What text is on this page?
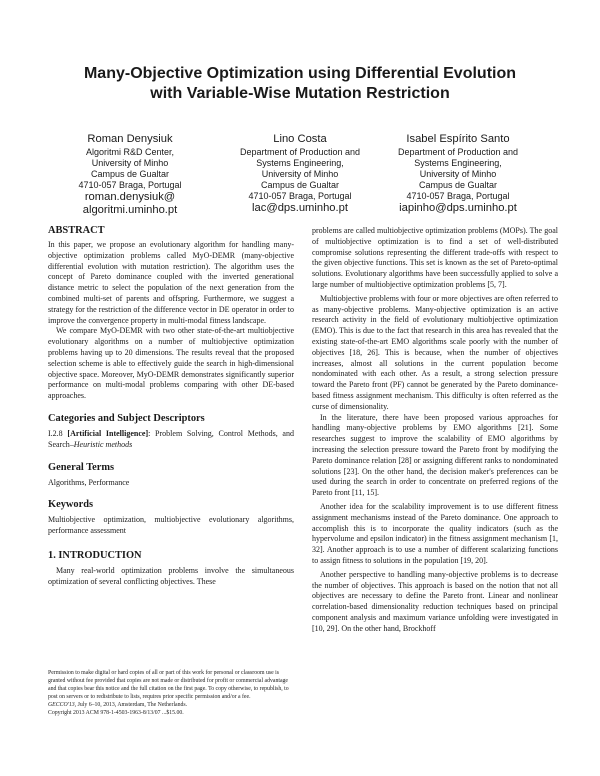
Many-Objective Optimization using Differential Evolution
with Variable-Wise Mutation Restriction
Roman Denysiuk
Algoritmi R&D Center,
University of Minho
Campus de Gualtar
4710-057 Braga, Portugal
roman.denysiuk@
algoritmi.uminho.pt
Lino Costa
Department of Production and
Systems Engineering,
University of Minho
Campus de Gualtar
4710-057 Braga, Portugal
lac@dps.uminho.pt
Isabel Espírito Santo
Department of Production and
Systems Engineering,
University of Minho
Campus de Gualtar
4710-057 Braga, Portugal
iapinho@dps.uminho.pt
ABSTRACT

In this paper, we propose an evolutionary algorithm for handling many-objective optimization problems called MyO-DEMR (many-objective differential evolution with mutation restriction). The algorithm uses the concept of Pareto dominance coupled with the inverted generational distance metric to select the population of the next generation from the combined multi-set of parents and offspring. Furthermore, we suggest a strategy for the restriction of the difference vector in DE operator in order to improve the convergence property in multi-modal fitness landscape.

We compare MyO-DEMR with two other state-of-the-art multiobjective evolutionary algorithms on a number of multiobjective optimization problems having up to 20 dimensions. The results reveal that the proposed selection scheme is able to effectively guide the search in high-dimensional objective space. Moreover, MyO-DEMR demonstrates significantly superior performance on multi-modal problems comparing with other DE-based approaches.

Categories and Subject Descriptors

I.2.8 [Artificial Intelligence]: Problem Solving, Control Methods, and Search–Heuristic methods

General Terms

Algorithms, Performance

Keywords

Multiobjective optimization, multiobjective evolutionary algorithms, performance assessment

1. INTRODUCTION

Many real-world optimization problems involve the simultaneous optimization of several conflicting objectives. These

Permission to make digital or hard copies of all or part of this work for personal or classroom use is granted without fee provided that copies are not made or distributed for profit or commercial advantage and that copies bear this notice and the full citation on the first page. To copy otherwise, to republish, to post on servers or to redistribute to lists, requires prior specific permission and/or a fee.

GECCO'13, July 6–10, 2013, Amsterdam, The Netherlands.

Copyright 2013 ACM 978-1-4503-1963-8/13/07 ...$15.00.

problems are called multiobjective optimization problems (MOPs). The goal of multiobjective optimization is to find a set of well-distributed compromise solutions representing the different trade-offs with respect to the given objective functions. This set is known as the set of Pareto-optimal solutions. Evolutionary algorithms have been successfully applied to solve a large number of multiobjective optimization problems [5, 7].

Multiobjective problems with four or more objectives are often referred to as many-objective problems. Many-objective optimization is an active research activity in the field of evolutionary multiobjective optimization (EMO). This is due to the fact that research in this area has revealed that the existing state-of-the-art EMO algorithms scale poorly with the number of objectives [18, 26]. This is because, when the number of objectives increases, almost all solutions in the current population become nondominated with each other. As a result, a strong selection pressure toward the Pareto front (PF) cannot be generated by the Pareto dominance-based fitness assignment mechanism. This difficulty is often referred as the curse of dimensionality.

In the literature, there have been proposed various approaches for handling many-objective problems by EMO algorithms [21]. Some researches suggest to improve the scalability of EMO algorithms by increasing the selection pressure toward the Pareto front by modifying the Pareto dominance relation [28] or assigning different ranks to nondominated solutions [23]. On the other hand, the decision maker's preferences can be used during the search in order to concentrate on preferred regions of the Pareto front [11, 15].

Another idea for the scalability improvement is to use different fitness assignment mechanisms instead of the Pareto dominance. One approach to accomplish this is to incorporate the quality indicators (such as the hypervolume and epsilon indicator) in the fitness assignment mechanism [1, 32]. Another approach is to use a number of different scalarizing functions to assign fitness to solutions in the population [19, 20].

Another perspective to handling many-objective problems is to decrease the number of objectives. This approach is based on the notion that not all objectives are necessary to define the Pareto front. Linear and nonlinear correlation-based dimensionality reduction techniques based on principal component analysis and maximum variance unfolding were investigated in [10, 29]. On the other hand, Brockhoff
